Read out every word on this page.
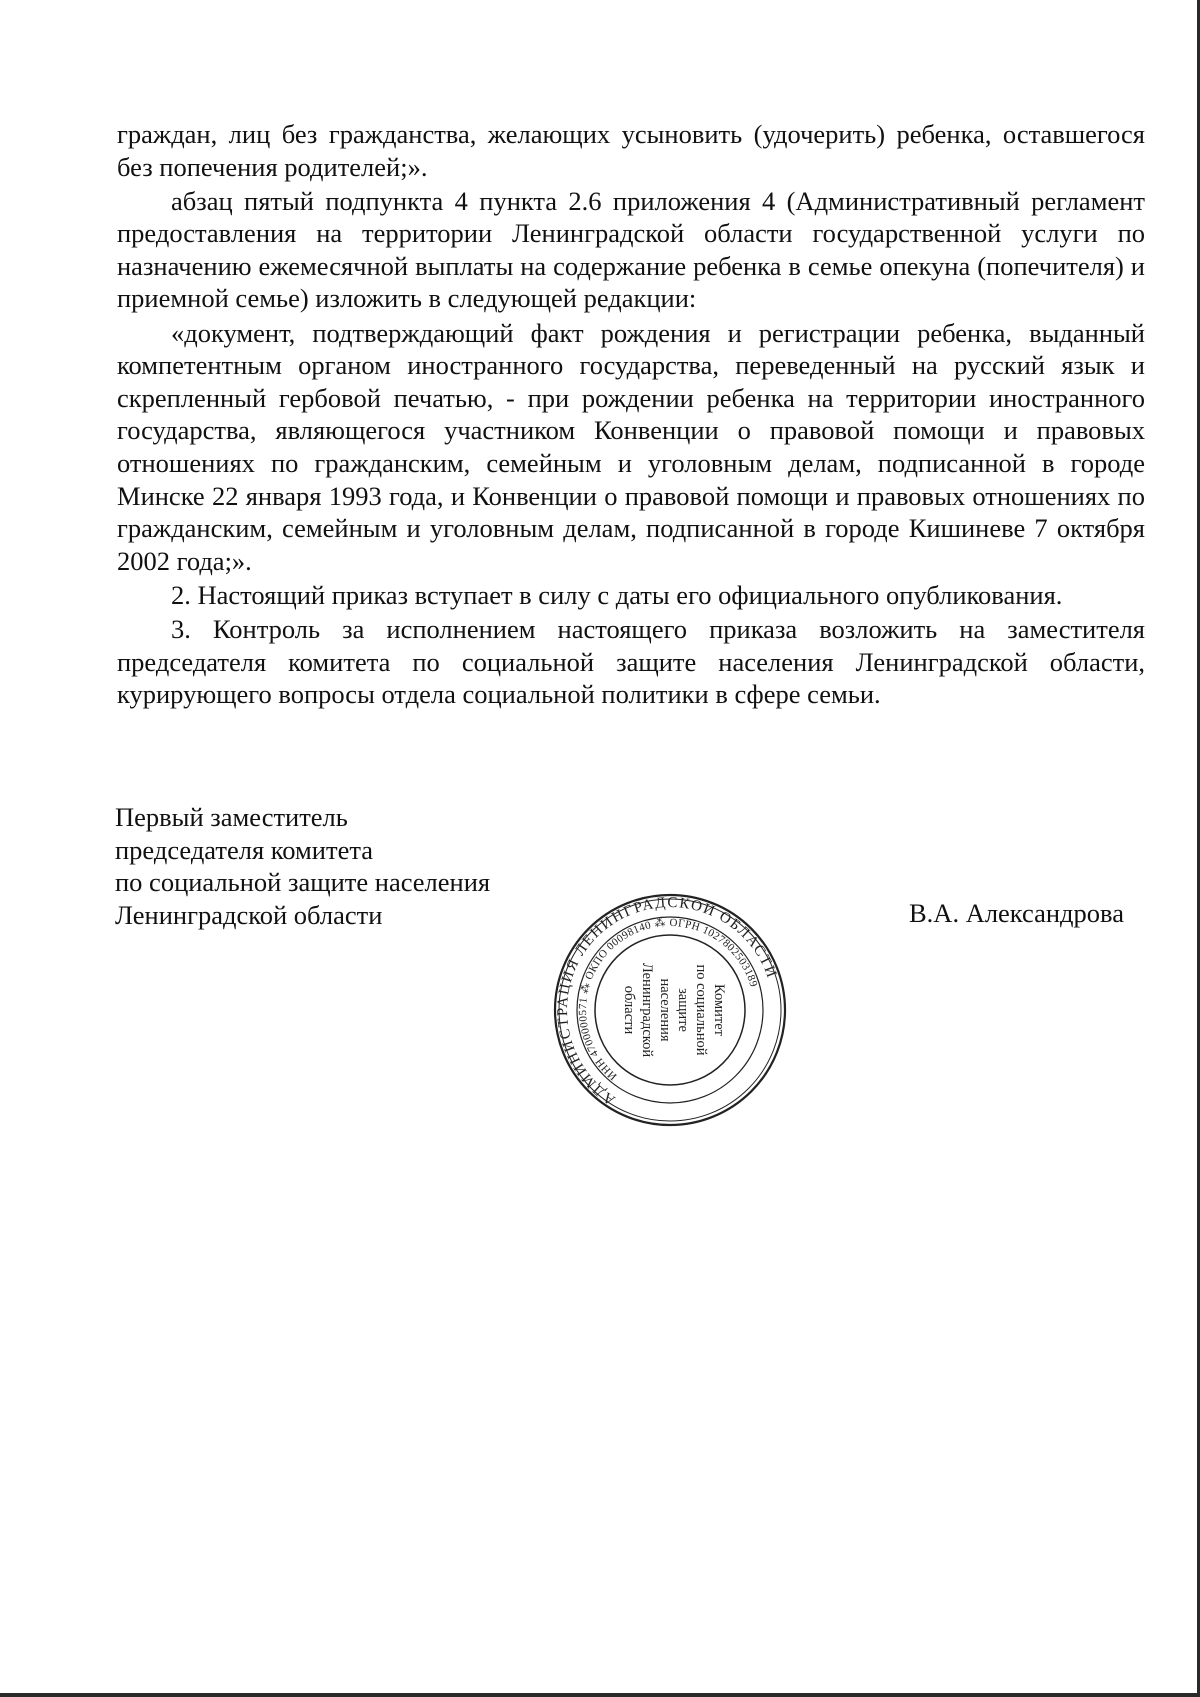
граждан, лиц без гражданства, желающих усыновить (удочерить) ребенка, оставшегося без попечения родителей;».

абзац пятый подпункта 4 пункта 2.6 приложения 4 (Административный регламент предоставления на территории Ленинградской области государственной услуги по назначению ежемесячной выплаты на содержание ребенка в семье опекуна (попечителя) и приемной семье) изложить в следующей редакции:

«документ, подтверждающий факт рождения и регистрации ребенка, выданный компетентным органом иностранного государства, переведенный на русский язык и скрепленный гербовой печатью, - при рождении ребенка на территории иностранного государства, являющегося участником Конвенции о правовой помощи и правовых отношениях по гражданским, семейным и уголовным делам, подписанной в городе Минске 22 января 1993 года, и Конвенции о правовой помощи и правовых отношениях по гражданским, семейным и уголовным делам, подписанной в городе Кишиневе 7 октября 2002 года;».

2. Настоящий приказ вступает в силу с даты его официального опубликования.

3. Контроль за исполнением настоящего приказа возложить на заместителя председателя комитета по социальной защите населения Ленинградской области, курирующего вопросы отдела социальной политики в сфере семьи.

Первый заместитель
председателя комитета
по социальной защите населения
Ленинградской области	В.А. Александрова
АДМИНИСТРАЦИЯ ЛЕНИНГРАДСКОЙ ОБЛАСТИ
ИНН 4700000571 ⁂ ОКПО 00098140 ⁂ ОГРН 1027802503189
Комитет
по социальной
защите
населения
Ленинградской
области
